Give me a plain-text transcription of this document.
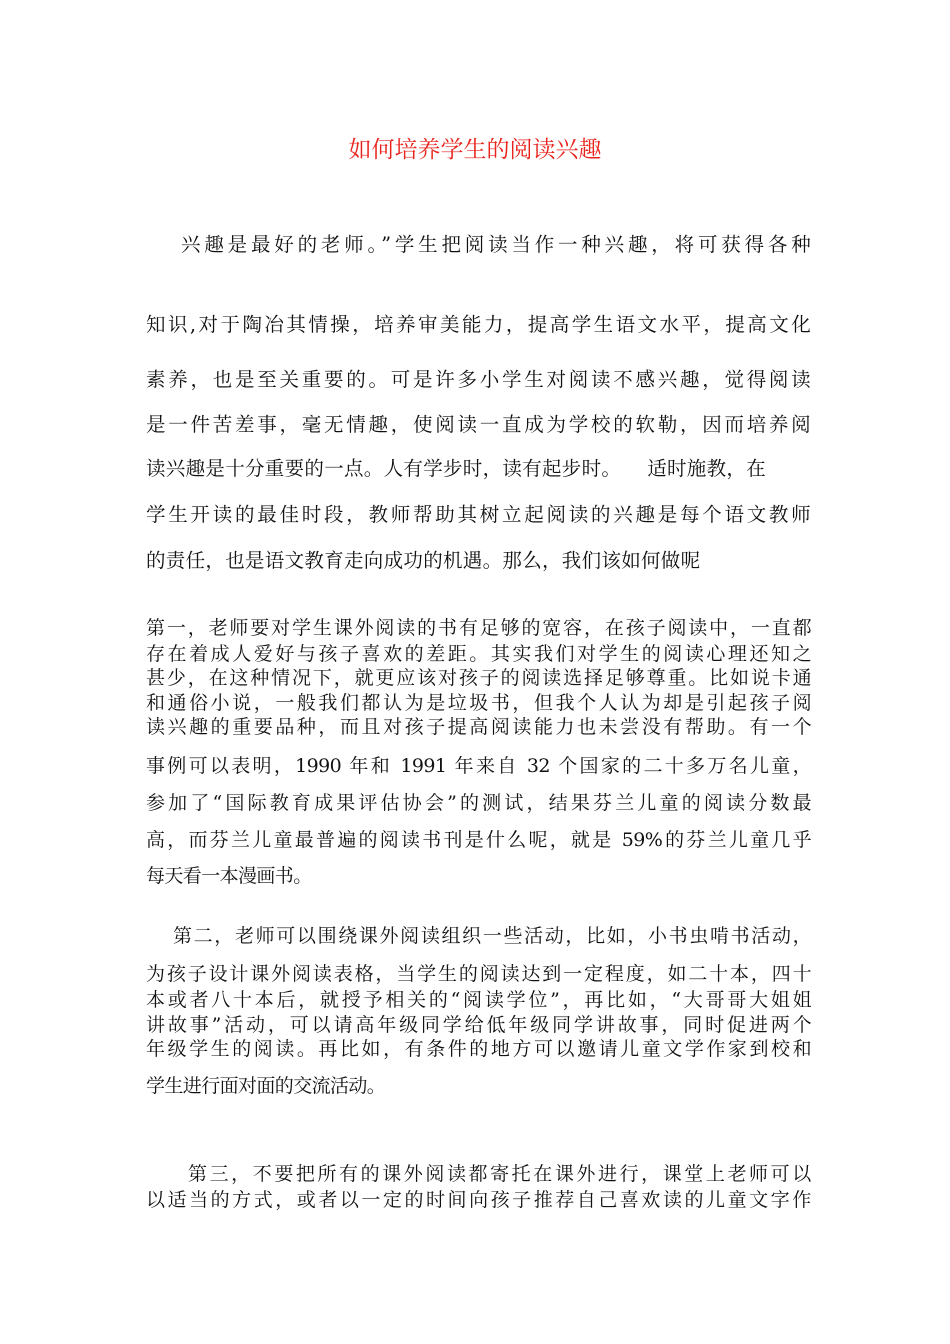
如何培养学生的阅读兴趣
兴趣是最好的老师。”学生把阅读当作一种兴趣，将可获得各种
知识,对于陶冶其情操，培养审美能力，提高学生语文水平，提高文化
素养，也是至关重要的。可是许多小学生对阅读不感兴趣，觉得阅读
是一件苦差事，毫无情趣，使阅读一直成为学校的软勒，因而培养阅
读兴趣是十分重要的一点。人有学步时，读有起步时。    适时施教，在
学生开读的最佳时段，教师帮助其树立起阅读的兴趣是每个语文教师
的责任，也是语文教育走向成功的机遇。那么，我们该如何做呢
第一，老师要对学生课外阅读的书有足够的宽容，在孩子阅读中，一直都
存在着成人爱好与孩子喜欢的差距。其实我们对学生的阅读心理还知之
甚少，在这种情况下，就更应该对孩子的阅读选择足够尊重。比如说卡通
和通俗小说，一般我们都认为是垃圾书，但我个人认为却是引起孩子阅
读兴趣的重要品种，而且对孩子提高阅读能力也未尝没有帮助。有一个
事例可以表明，1990 年和 1991 年来自 32 个国家的二十多万名儿童，
参加了“国际教育成果评估协会”的测试，结果芬兰儿童的阅读分数最
高，而芬兰儿童最普遍的阅读书刊是什么呢，就是 59%的芬兰儿童几乎
每天看一本漫画书。
第二，老师可以围绕课外阅读组织一些活动，比如，小书虫啃书活动，
为孩子设计课外阅读表格，当学生的阅读达到一定程度，如二十本，四十
本或者八十本后，就授予相关的“阅读学位”，再比如，“大哥哥大姐姐
讲故事”活动，可以请高年级同学给低年级同学讲故事，同时促进两个
年级学生的阅读。再比如，有条件的地方可以邀请儿童文学作家到校和
学生进行面对面的交流活动。
第三，不要把所有的课外阅读都寄托在课外进行，课堂上老师可以
以适当的方式，或者以一定的时间向孩子推荐自己喜欢读的儿童文字作
